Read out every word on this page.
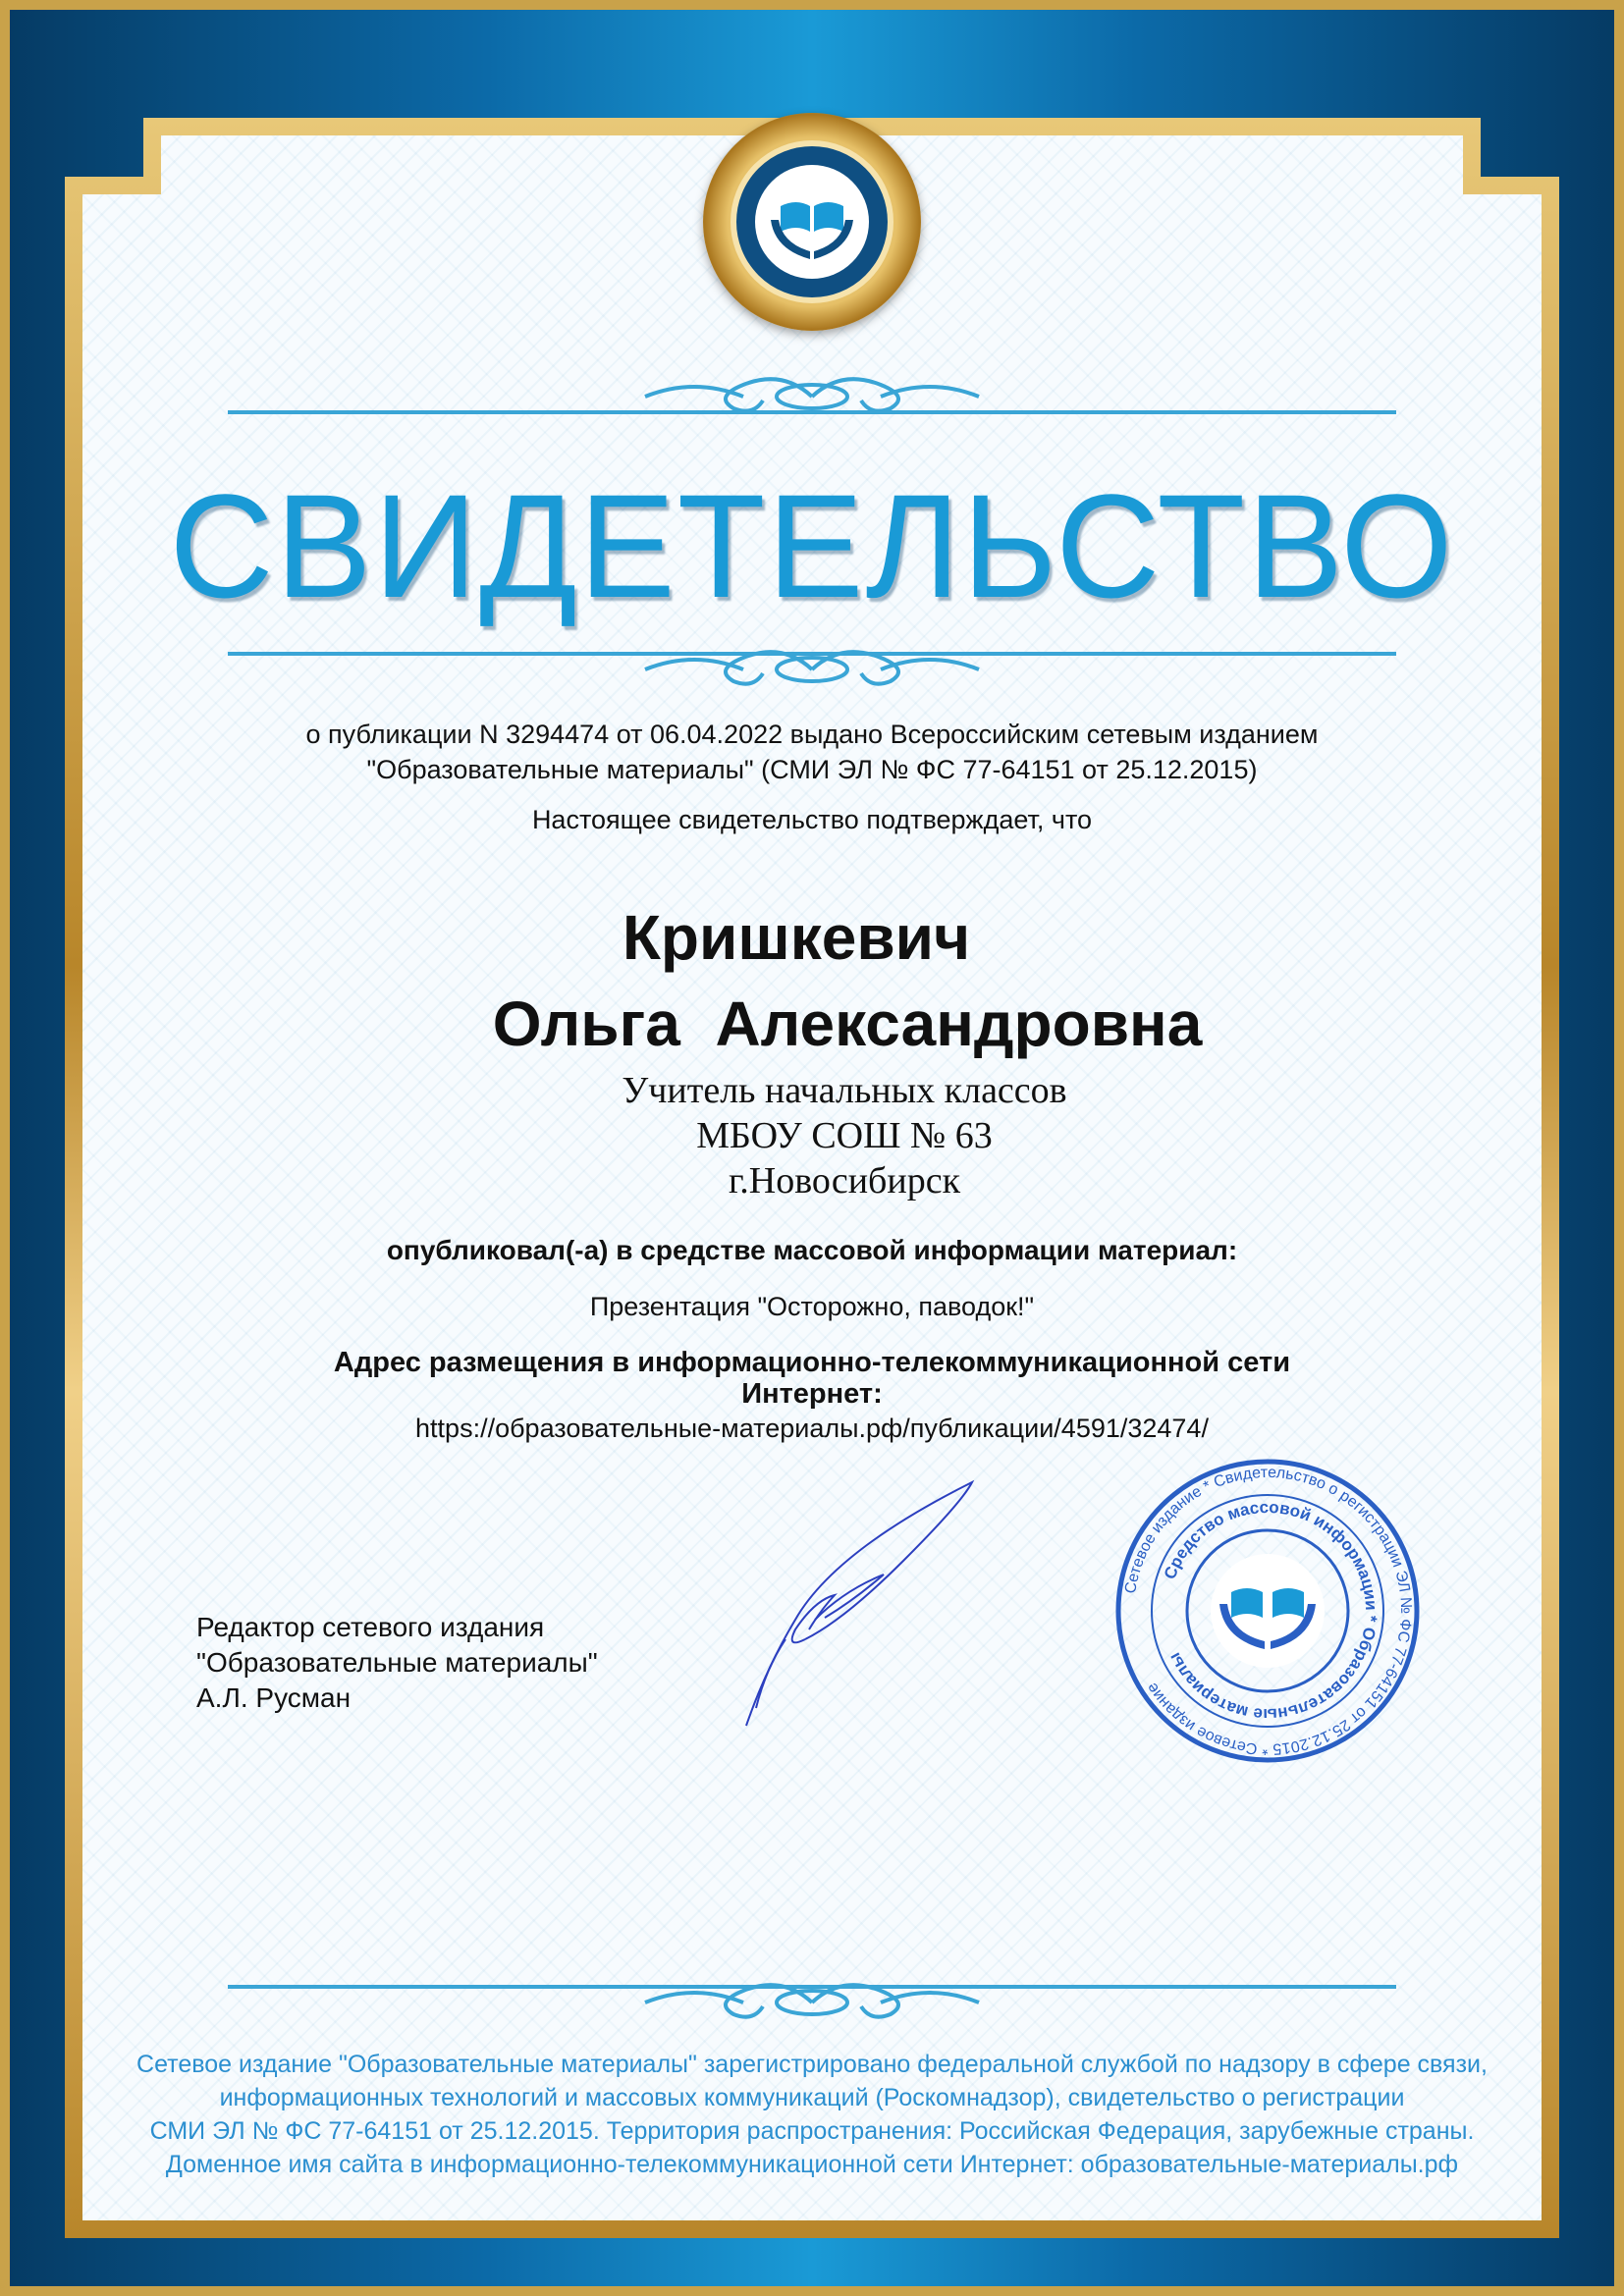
СВИДЕТЕЛЬСТВО
о публикации N 3294474 от 06.04.2022 выдано Всероссийским сетевым изданием
"Образовательные материалы" (СМИ ЭЛ № ФС 77-64151 от 25.12.2015)
Настоящее свидетельство подтверждает, что
Кришкевич
Ольга  Александровна
Учитель начальных классов
МБОУ СОШ № 63
г.Новосибирск
опубликовал(-а) в средстве массовой информации материал:
Презентация "Осторожно, паводок!"
Адрес размещения в информационно-телекоммуникационной сети
Интернет:
https://образовательные-материалы.рф/публикации/4591/32474/
Редактор сетевого издания
"Образовательные материалы"
А.Л. Русман
Сетевое издание * Свидетельство о регистрации ЭЛ № ФС 77-64151 от 25.12.2015 * Сетевое издание
Средство массовой информации * Образовательные материалы
Сетевое издание "Образовательные материалы" зарегистрировано федеральной службой по надзору в сфере связи,
информационных технологий и массовых коммуникаций (Роскомнадзор), свидетельство о регистрации
СМИ ЭЛ № ФС 77-64151 от 25.12.2015. Территория распространения: Российская Федерация, зарубежные страны.
Доменное имя сайта в информационно-телекоммуникационной сети Интернет: образовательные-материалы.рф
